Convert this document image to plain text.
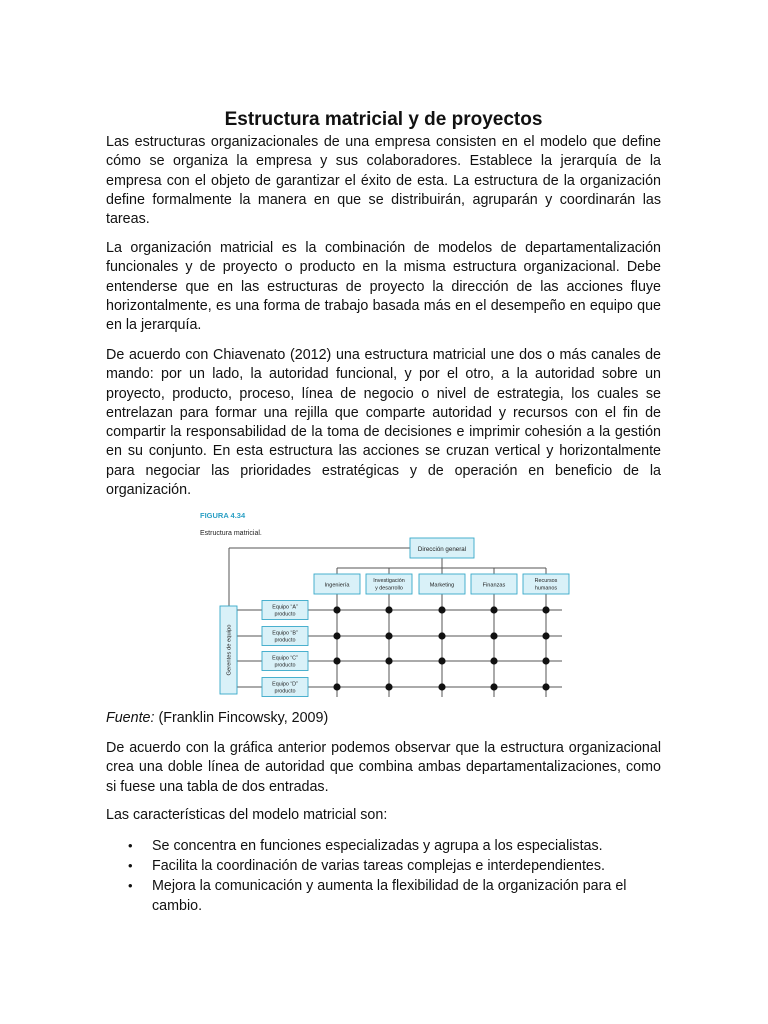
Estructura matricial y de proyectos

Las estructuras organizacionales de una empresa consisten en el modelo que define cómo se organiza la empresa y sus colaboradores. Establece la jerarquía de la empresa con el objeto de garantizar el éxito de esta. La estructura de la organización define formalmente la manera en que se distribuirán, agruparán y coordinarán las tareas.

La organización matricial es la combinación de modelos de departamentalización funcionales y de proyecto o producto en la misma estructura organizacional. Debe entenderse que en las estructuras de proyecto la dirección de las acciones fluye horizontalmente, es una forma de trabajo basada más en el desempeño en equipo que en la jerarquía.

De acuerdo con Chiavenato (2012) una estructura matricial une dos o más canales de mando: por un lado, la autoridad funcional, y por el otro, a la autoridad sobre un proyecto, producto, proceso, línea de negocio o nivel de estrategia, los cuales se entrelazan para formar una rejilla que comparte autoridad y recursos con el fin de compartir la responsabilidad de la toma de decisiones e imprimir cohesión a la gestión en su conjunto. En esta estructura las acciones se cruzan vertical y horizontalmente para negociar las prioridades estratégicas y de operación en beneficio de la organización.

Fuente: (Franklin Fincowsky, 2009)

De acuerdo con la gráfica anterior podemos observar que la estructura organizacional crea una doble línea de autoridad que combina ambas departamentalizaciones, como si fuese una tabla de dos entradas.

Las características del modelo matricial son:

• Se concentra en funciones especializadas y agrupa a los especialistas.
• Facilita la coordinación de varias tareas complejas e interdependientes.
• Mejora la comunicación y aumenta la flexibilidad de la organización para el cambio.
FIGURA 4.34
Estructura matricial.
Dirección general
Ingeniería
Investigación
y desarrollo	Marketing	Finanzas
Recursos
humanos
Gerentes de equipo
Equipo “A”
producto
Equipo “B”
producto
Equipo “C”
producto
Equipo “D”
producto
